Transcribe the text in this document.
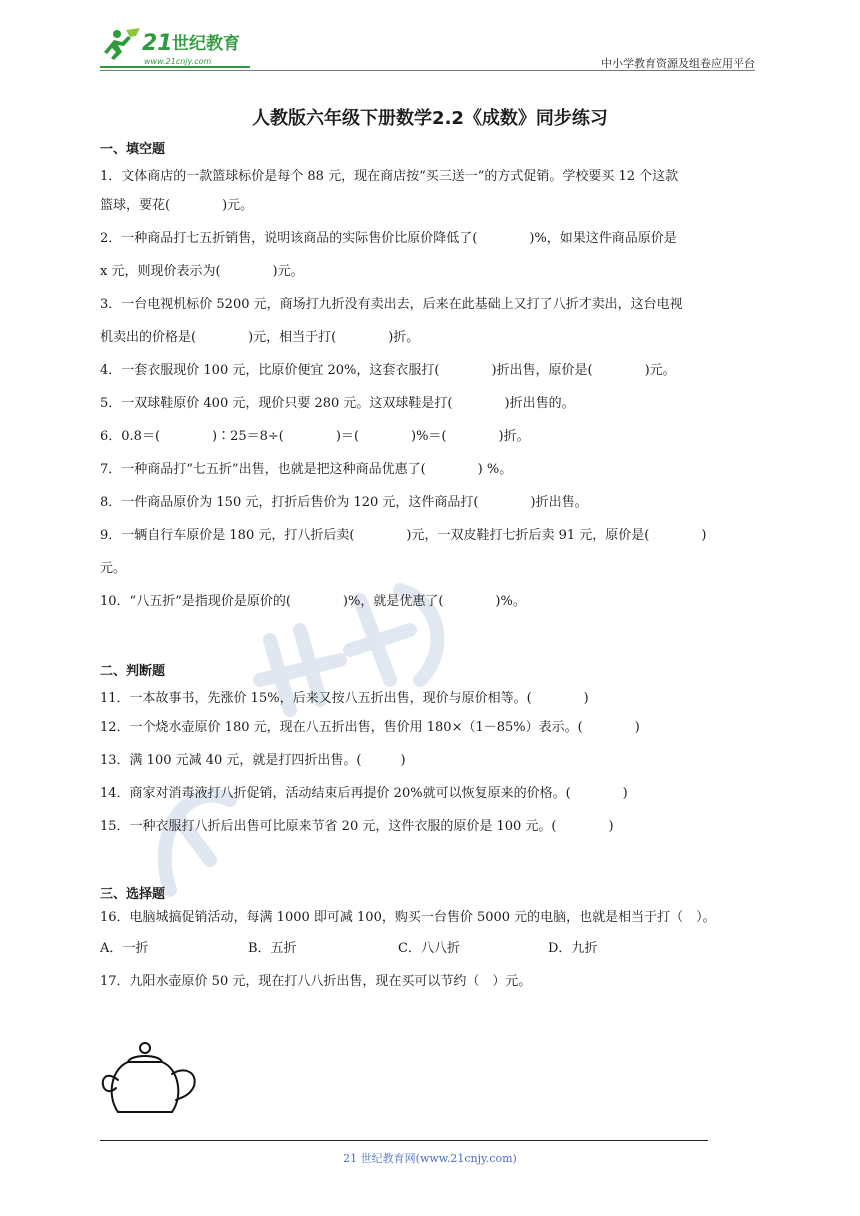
21 世纪教育
www.21cnjy.com	中小学教育资源及组卷应用平台
人教版六年级下册数学2.2《成数》同步练习
一、填空题
1．文体商店的一款篮球标价是每个 88 元，现在商店按“买三送一”的方式促销。学校要买 12 个这款
篮球，要花(　　　　)元。
2．一种商品打七五折销售，说明该商品的实际售价比原价降低了(　　　　)%，如果这件商品原价是
x 元，则现价表示为(　　　　)元。
3．一台电视机标价 5200 元，商场打九折没有卖出去，后来在此基础上又打了八折才卖出，这台电视
机卖出的价格是(　　　　)元，相当于打(　　　　)折。
4．一套衣服现价 100 元，比原价便宜 20%，这套衣服打(　　　　)折出售，原价是(　　　　)元。
5．一双球鞋原价 400 元，现价只要 280 元。这双球鞋是打(　　　　)折出售的。
6．0.8＝(　　　　)∶25＝8÷(　　　　)＝(　　　　)%＝(　　　　)折。
7．一种商品打“七五折”出售，也就是把这种商品优惠了(　　　　) %。
8．一件商品原价为 150 元，打折后售价为 120 元，这件商品打(　　　　)折出售。
9．一辆自行车原价是 180 元，打八折后卖(　　　　)元，一双皮鞋打七折后卖 91 元，原价是(　　　　)
元。
10．“八五折”是指现价是原价的(　　　　)%，就是优惠了(　　　　)%。
二、判断题
11．一本故事书，先涨价 15%，后来又按八五折出售，现价与原价相等。(　　　　)
12．一个烧水壶原价 180 元，现在八五折出售，售价用 180×（1－85%）表示。(　　　　)
13．满 100 元减 40 元，就是打四折出售。(　　　)
14．商家对消毒液打八折促销，活动结束后再提价 20%就可以恢复原来的价格。(　　　　)
15．一种衣服打八折后出售可比原来节省 20 元，这件衣服的原价是 100 元。(　　　　)
三、选择题
16．电脑城搞促销活动，每满 1000 即可减 100，购买一台售价 5000 元的电脑，也就是相当于打（　）。
A．一折	B．五折	C．八八折	D．九折
17．九阳水壶原价 50 元，现在打八八折出售，现在买可以节约（　）元。
21 世纪教育网(www.21cnjy.com)
